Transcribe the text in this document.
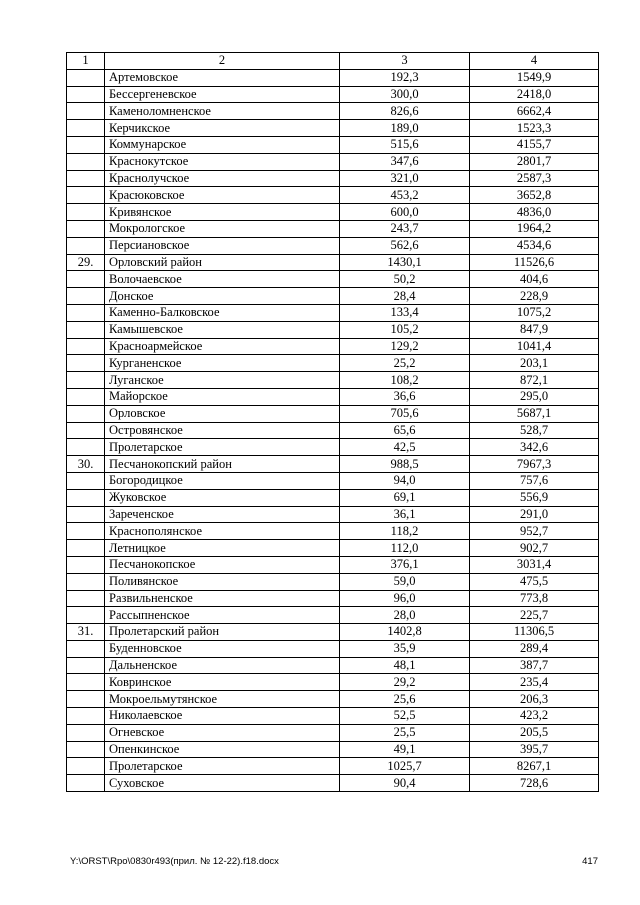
1	2	3	4
	Артемовское	192,3	1549,9
	Бессергеневское	300,0	2418,0
	Каменоломненское	826,6	6662,4
	Керчикское	189,0	1523,3
	Коммунарское	515,6	4155,7
	Краснокутское	347,6	2801,7
	Краснолучское	321,0	2587,3
	Красюковское	453,2	3652,8
	Кривянское	600,0	4836,0
	Мокрологское	243,7	1964,2
	Персиановское	562,6	4534,6
29.	Орловский район	1430,1	11526,6
	Волочаевское	50,2	404,6
	Донское	28,4	228,9
	Каменно-Балковское	133,4	1075,2
	Камышевское	105,2	847,9
	Красноармейское	129,2	1041,4
	Курганенское	25,2	203,1
	Луганское	108,2	872,1
	Майорское	36,6	295,0
	Орловское	705,6	5687,1
	Островянское	65,6	528,7
	Пролетарское	42,5	342,6
30.	Песчанокопский район	988,5	7967,3
	Богородицкое	94,0	757,6
	Жуковское	69,1	556,9
	Зареченское	36,1	291,0
	Краснополянское	118,2	952,7
	Летницкое	112,0	902,7
	Песчанокопское	376,1	3031,4
	Поливянское	59,0	475,5
	Развильненское	96,0	773,8
	Рассыпненское	28,0	225,7
31.	Пролетарский район	1402,8	11306,5
	Буденновское	35,9	289,4
	Дальненское	48,1	387,7
	Ковринское	29,2	235,4
	Мокроельмутянское	25,6	206,3
	Николаевское	52,5	423,2
	Огневское	25,5	205,5
	Опенкинское	49,1	395,7
	Пролетарское	1025,7	8267,1
	Суховское	90,4	728,6
Y:\ORST\Rpo\0830r493(прил. № 12-22).f18.docx	417
